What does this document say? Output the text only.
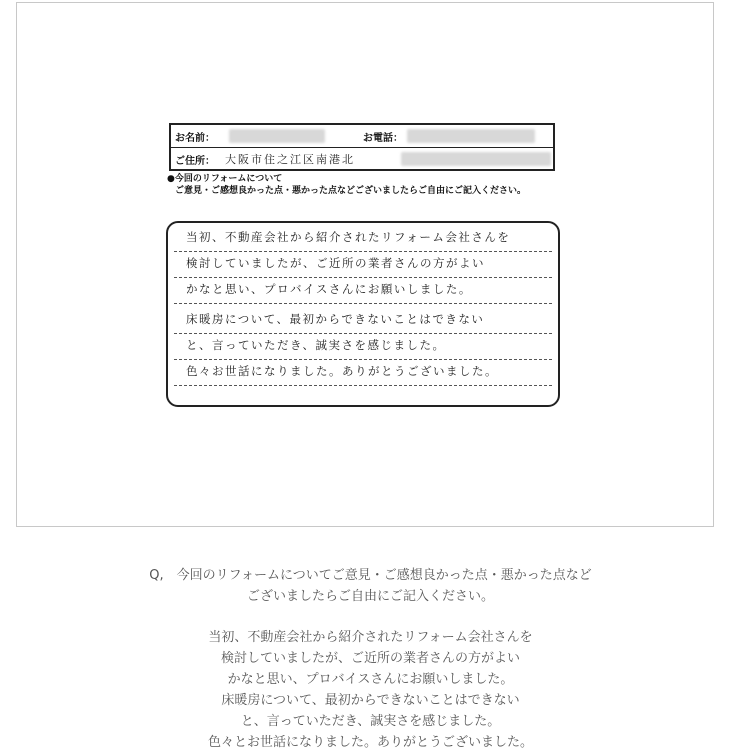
お名前：	お電話：
ご住所： 大阪市住之江区南港北
●今回のリフォームについて
ご意見・ご感想良かった点・悪かった点などございましたらご自由にご記入ください。
当初、不動産会社から紹介されたリフォーム会社さんを
検討していましたが、ご近所の業者さんの方がよい
かなと思い、プロバイスさんにお願いしました。
床暖房について、最初からできないことはできない
と、言っていただき、誠実さを感じました。
色々お世話になりました。ありがとうございました。
Q,　今回のリフォームについてご意見・ご感想良かった点・悪かった点など
ございましたらご自由にご記入ください。
当初、不動産会社から紹介されたリフォーム会社さんを
検討していましたが、ご近所の業者さんの方がよい
かなと思い、プロバイスさんにお願いしました。
床暖房について、最初からできないことはできない
と、言っていただき、誠実さを感じました。
色々とお世話になりました。ありがとうございました。
